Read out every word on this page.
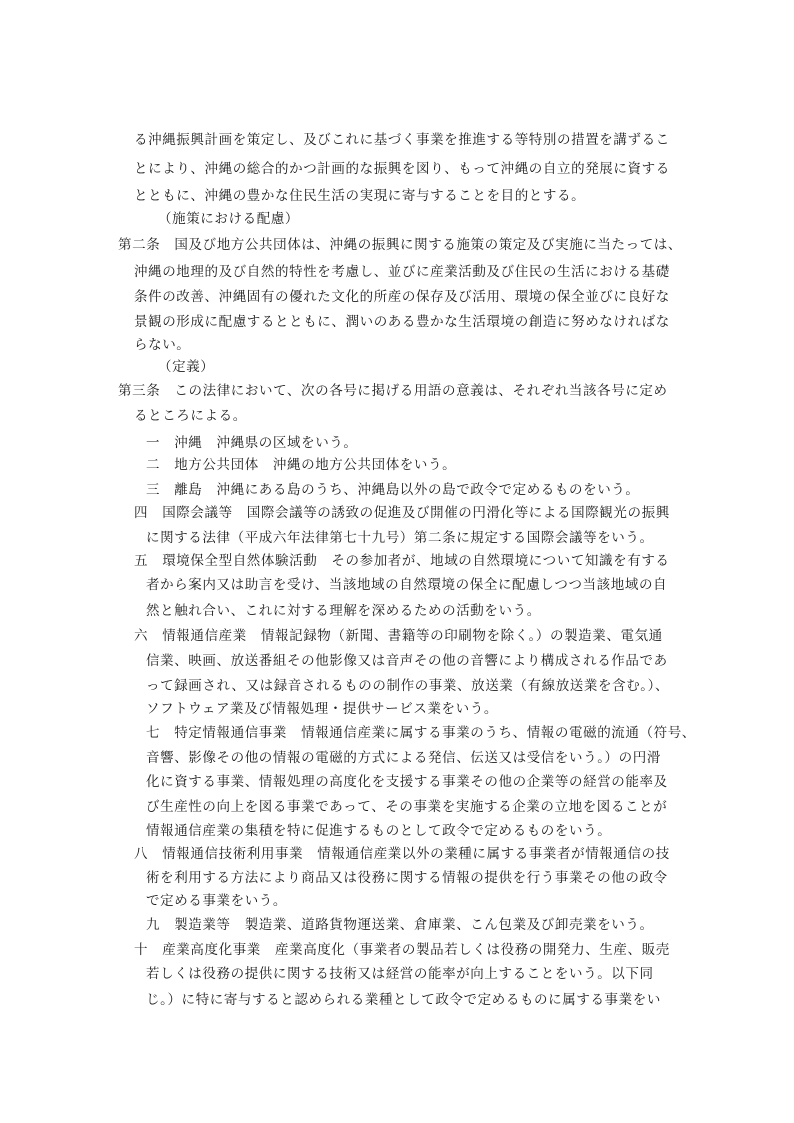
る沖縄振興計画を策定し、及びこれに基づく事業を推進する等特別の措置を講ずるこ
とにより、沖縄の総合的かつ計画的な振興を図り、もって沖縄の自立的発展に資する
とともに、沖縄の豊かな住民生活の実現に寄与することを目的とする。
（施策における配慮）
第二条　国及び地方公共団体は、沖縄の振興に関する施策の策定及び実施に当たっては、
沖縄の地理的及び自然的特性を考慮し、並びに産業活動及び住民の生活における基礎
条件の改善、沖縄固有の優れた文化的所産の保存及び活用、環境の保全並びに良好な
景観の形成に配慮するとともに、潤いのある豊かな生活環境の創造に努めなければな
らない。
（定義）
第三条　この法律において、次の各号に掲げる用語の意義は、それぞれ当該各号に定め
るところによる。
一　沖縄　沖縄県の区域をいう。
二　地方公共団体　沖縄の地方公共団体をいう。
三　離島　沖縄にある島のうち、沖縄島以外の島で政令で定めるものをいう。
四　国際会議等　国際会議等の誘致の促進及び開催の円滑化等による国際観光の振興
に関する法律（平成六年法律第七十九号）第二条に規定する国際会議等をいう。
五　環境保全型自然体験活動　その参加者が、地域の自然環境について知識を有する
者から案内又は助言を受け、当該地域の自然環境の保全に配慮しつつ当該地域の自
然と触れ合い、これに対する理解を深めるための活動をいう。
六　情報通信産業　情報記録物（新聞、書籍等の印刷物を除く。）の製造業、電気通
信業、映画、放送番組その他影像又は音声その他の音響により構成される作品であ
って録画され、又は録音されるものの制作の事業、放送業（有線放送業を含む。）、
ソフトウェア業及び情報処理・提供サービス業をいう。
七　特定情報通信事業　情報通信産業に属する事業のうち、情報の電磁的流通（符号、
音響、影像その他の情報の電磁的方式による発信、伝送又は受信をいう。）の円滑
化に資する事業、情報処理の高度化を支援する事業その他の企業等の経営の能率及
び生産性の向上を図る事業であって、その事業を実施する企業の立地を図ることが
情報通信産業の集積を特に促進するものとして政令で定めるものをいう。
八　情報通信技術利用事業　情報通信産業以外の業種に属する事業者が情報通信の技
術を利用する方法により商品又は役務に関する情報の提供を行う事業その他の政令
で定める事業をいう。
九　製造業等　製造業、道路貨物運送業、倉庫業、こん包業及び卸売業をいう。
十　産業高度化事業　産業高度化（事業者の製品若しくは役務の開発力、生産、販売
若しくは役務の提供に関する技術又は経営の能率が向上することをいう。以下同
じ。）に特に寄与すると認められる業種として政令で定めるものに属する事業をい
